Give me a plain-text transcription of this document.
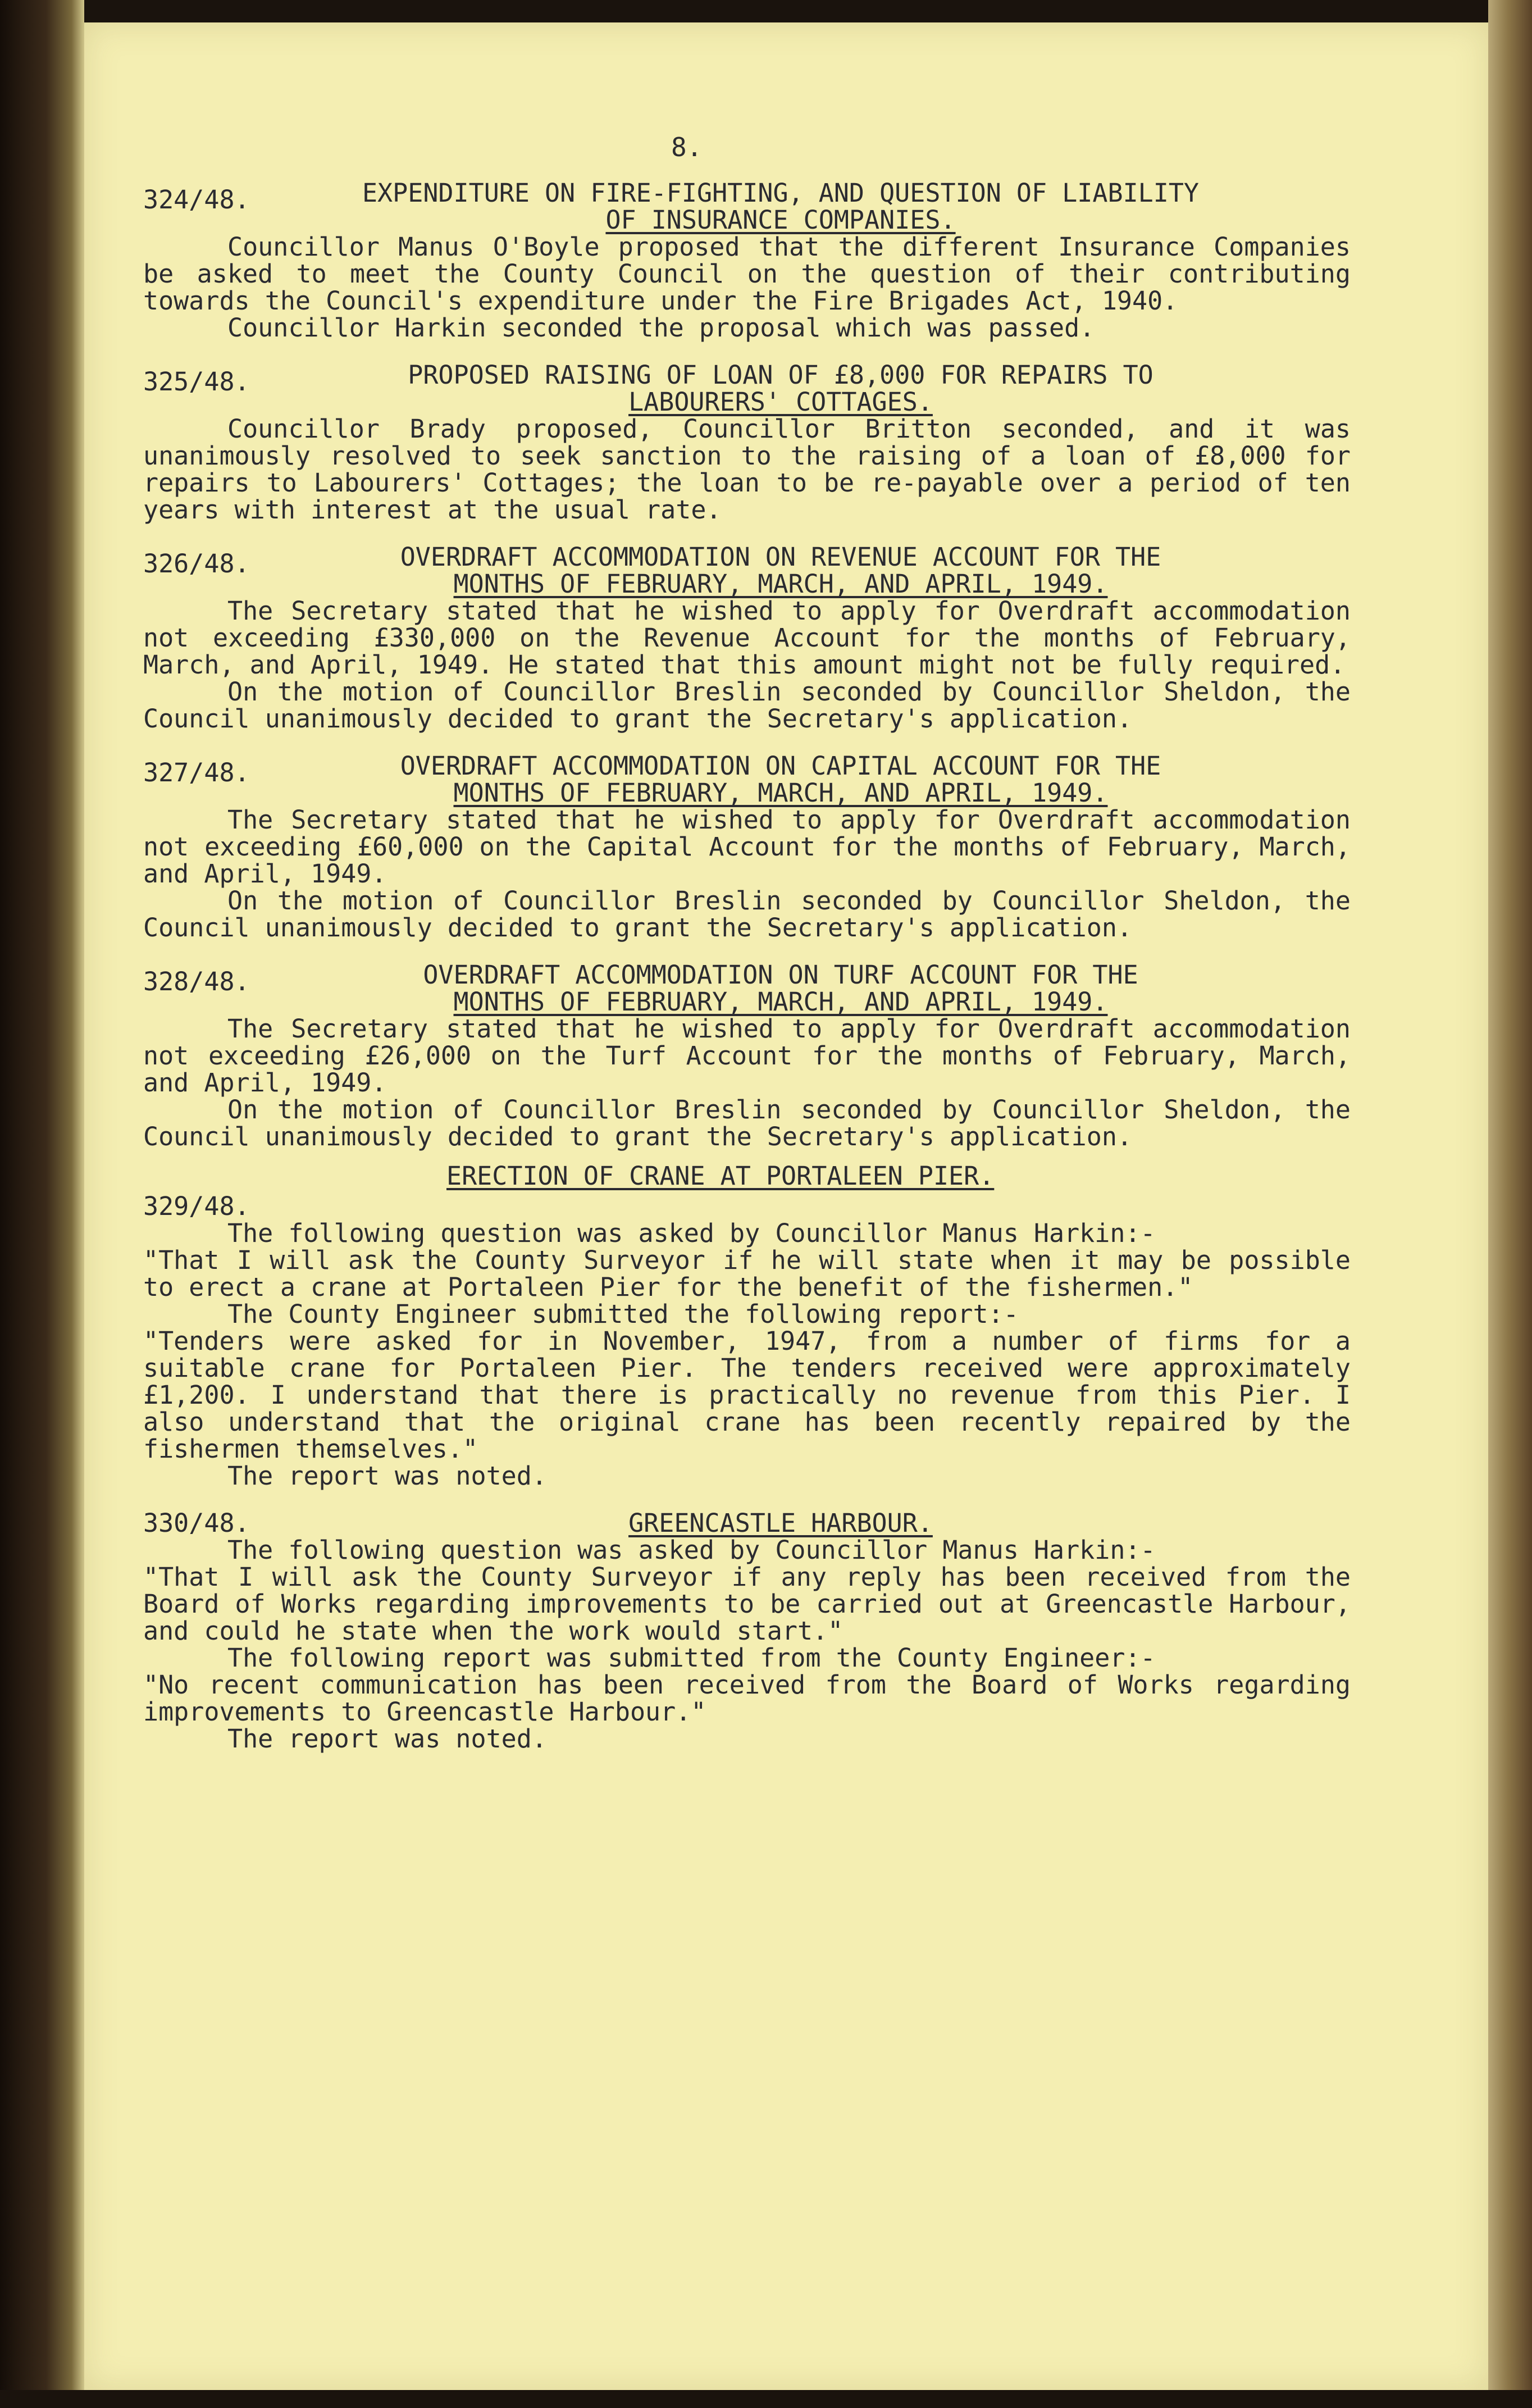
8.
324/48.	EXPENDITURE ON FIRE-FIGHTING, AND QUESTION OF LIABILITY
OF INSURANCE COMPANIES.

Councillor Manus O'Boyle proposed that the different Insurance Companies be asked to meet the County Council on the question of their contributing towards the Council's expenditure under the Fire Brigades Act, 1940.

Councillor Harkin seconded the proposal which was passed.

325/48.	PROPOSED RAISING OF LOAN OF £8,000 FOR REPAIRS TO
LABOURERS' COTTAGES.

Councillor Brady proposed, Councillor Britton seconded, and it was unanimously resolved to seek sanction to the raising of a loan of £8,000 for repairs to Labourers' Cottages; the loan to be re-payable over a period of ten years with interest at the usual rate.

326/48.	OVERDRAFT ACCOMMODATION ON REVENUE ACCOUNT FOR THE
MONTHS OF FEBRUARY, MARCH, AND APRIL, 1949.

The Secretary stated that he wished to apply for Overdraft accommodation not exceeding £330,000 on the Revenue Account for the months of February, March, and April, 1949. He stated that this amount might not be fully required.

On the motion of Councillor Breslin seconded by Councillor Sheldon, the Council unanimously decided to grant the Secretary's application.

327/48.	OVERDRAFT ACCOMMODATION ON CAPITAL ACCOUNT FOR THE
MONTHS OF FEBRUARY, MARCH, AND APRIL, 1949.

The Secretary stated that he wished to apply for Overdraft accommodation not exceeding £60,000 on the Capital Account for the months of February, March, and April, 1949.

On the motion of Councillor Breslin seconded by Councillor Sheldon, the Council unanimously decided to grant the Secretary's application.

328/48.	OVERDRAFT ACCOMMODATION ON TURF ACCOUNT FOR THE
MONTHS OF FEBRUARY, MARCH, AND APRIL, 1949.

The Secretary stated that he wished to apply for Overdraft accommodation not exceeding £26,000 on the Turf Account for the months of February, March, and April, 1949.

On the motion of Councillor Breslin seconded by Councillor Sheldon, the Council unanimously decided to grant the Secretary's application.

ERECTION OF CRANE AT PORTALEEN PIER.
329/48.

The following question was asked by Councillor Manus Harkin:-

"That I will ask the County Surveyor if he will state when it may be possible to erect a crane at Portaleen Pier for the benefit of the fishermen."

The County Engineer submitted the following report:-

"Tenders were asked for in November, 1947, from a number of firms for a suitable crane for Portaleen Pier. The tenders received were approximately £1,200. I understand that there is practically no revenue from this Pier. I also understand that the original crane has been recently repaired by the fishermen themselves."

The report was noted.

330/48.	GREENCASTLE HARBOUR.

The following question was asked by Councillor Manus Harkin:-

"That I will ask the County Surveyor if any reply has been received from the Board of Works regarding improvements to be carried out at Greencastle Harbour, and could he state when the work would start."

The following report was submitted from the County Engineer:-

"No recent communication has been received from the Board of Works regarding improvements to Greencastle Harbour."

The report was noted.
